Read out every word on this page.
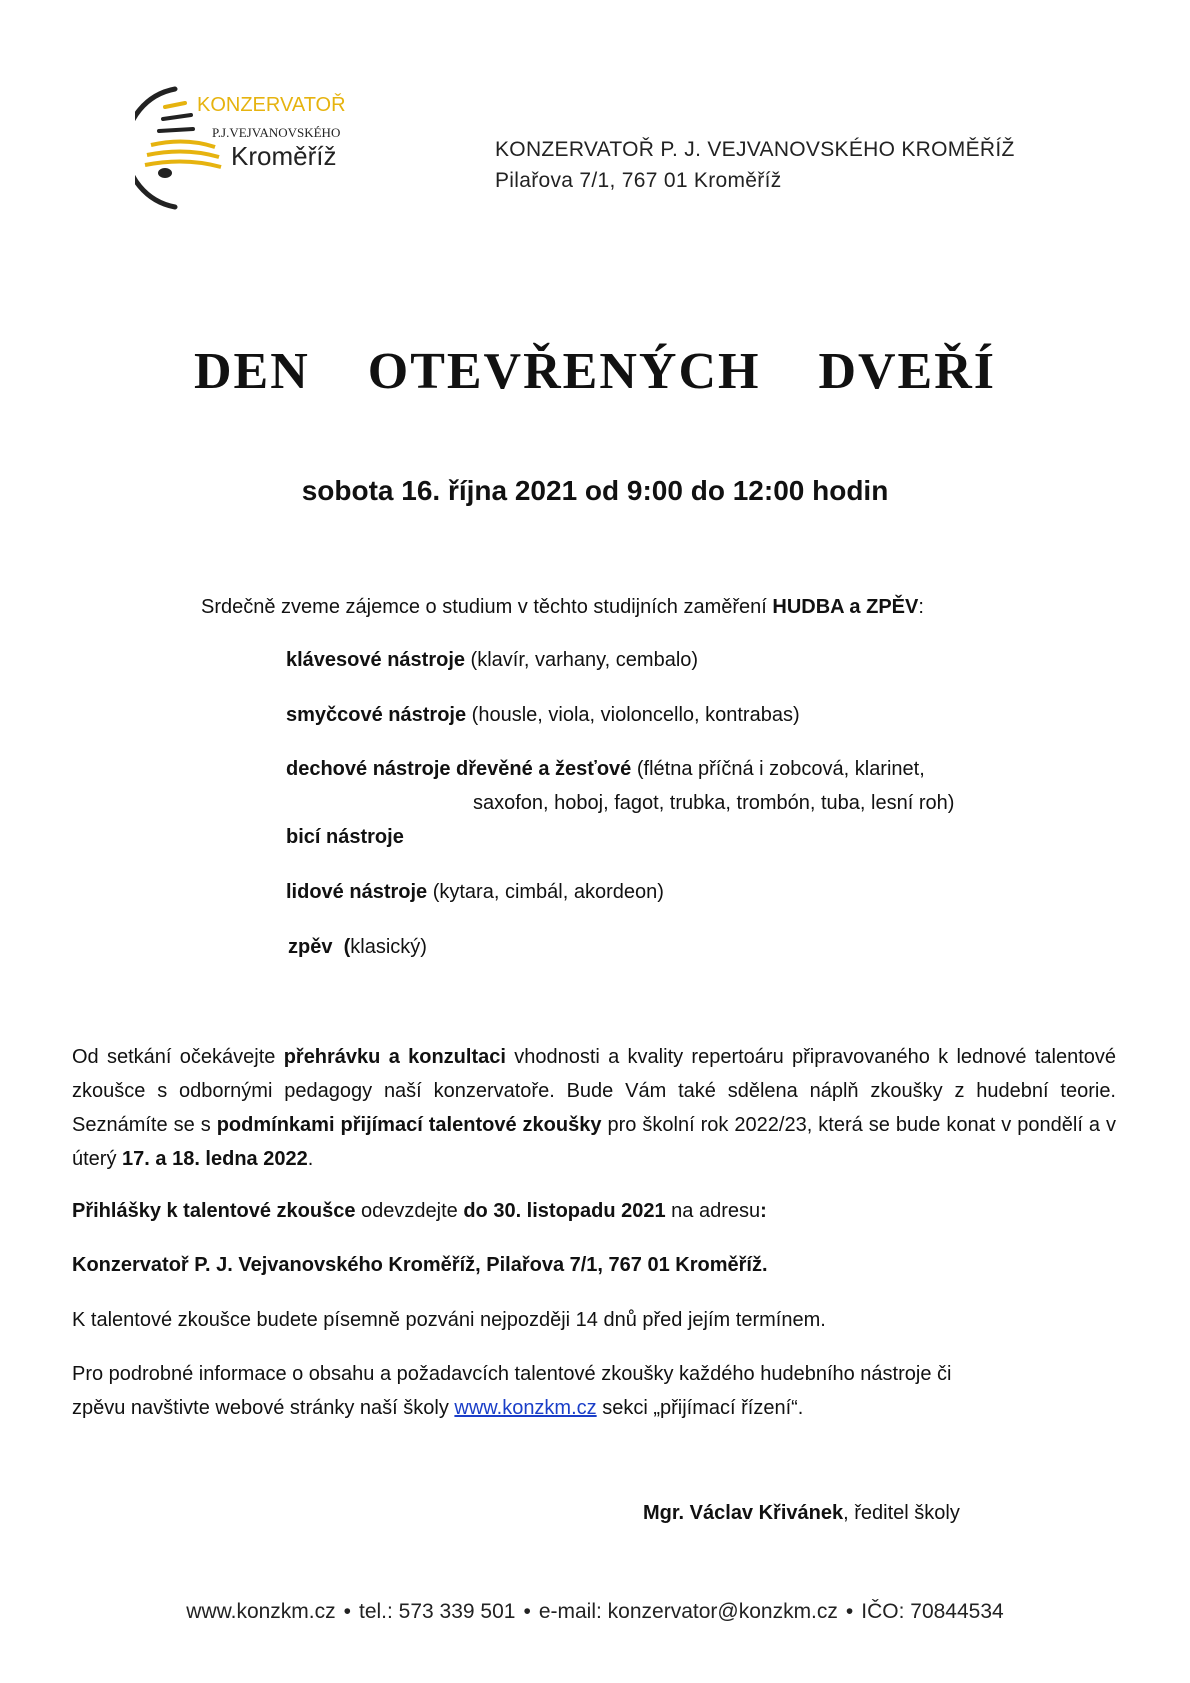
KONZERVATOŘ
P.J.VEJVANOVSKÉHO
Kroměříž	KONZERVATOŘ P. J. VEJVANOVSKÉHO KROMĚŘÍŽ
Pilařova 7/1, 767 01 Kroměříž
DEN  OTEVŘENÝCH  DVEŘÍ
sobota 16. října 2021 od 9:00 do 12:00 hodin
Srdečně zveme zájemce o studium v těchto studijních zaměření HUDBA a ZPĚV:
klávesové nástroje (klavír, varhany, cembalo)
smyčcové nástroje (housle, viola, violoncello, kontrabas)
dechové nástroje dřevěné a žesťové (flétna příčná i zobcová, klarinet,
saxofon, hoboj, fagot, trubka, trombón, tuba, lesní roh)
bicí nástroje
lidové nástroje (kytara, cimbál, akordeon)
zpěv  (klasický)
Od setkání očekávejte přehrávku a konzultaci vhodnosti a kvality repertoáru připravovaného k lednové talentové zkoušce s odbornými pedagogy naší konzervatoře. Bude Vám také sdělena náplň zkoušky z hudební teorie. Seznámíte se s podmínkami přijímací talentové zkoušky pro školní rok 2022/23, která se bude konat v pondělí a v úterý 17. a 18. ledna 2022.
Přihlášky k talentové zkoušce odevzdejte do 30. listopadu 2021 na adresu:
Konzervatoř P. J. Vejvanovského Kroměříž, Pilařova 7/1, 767 01 Kroměříž.
K talentové zkoušce budete písemně pozváni nejpozději 14 dnů před jejím termínem.
Pro podrobné informace o obsahu a požadavcích talentové zkoušky každého hudebního nástroje či
zpěvu navštivte webové stránky naší školy www.konzkm.cz sekci „přijímací řízení“.
Mgr. Václav Křivánek, ředitel školy
www.konzkm.cz • tel.: 573 339 501 • e-mail: konzervator@konzkm.cz • IČO: 70844534
